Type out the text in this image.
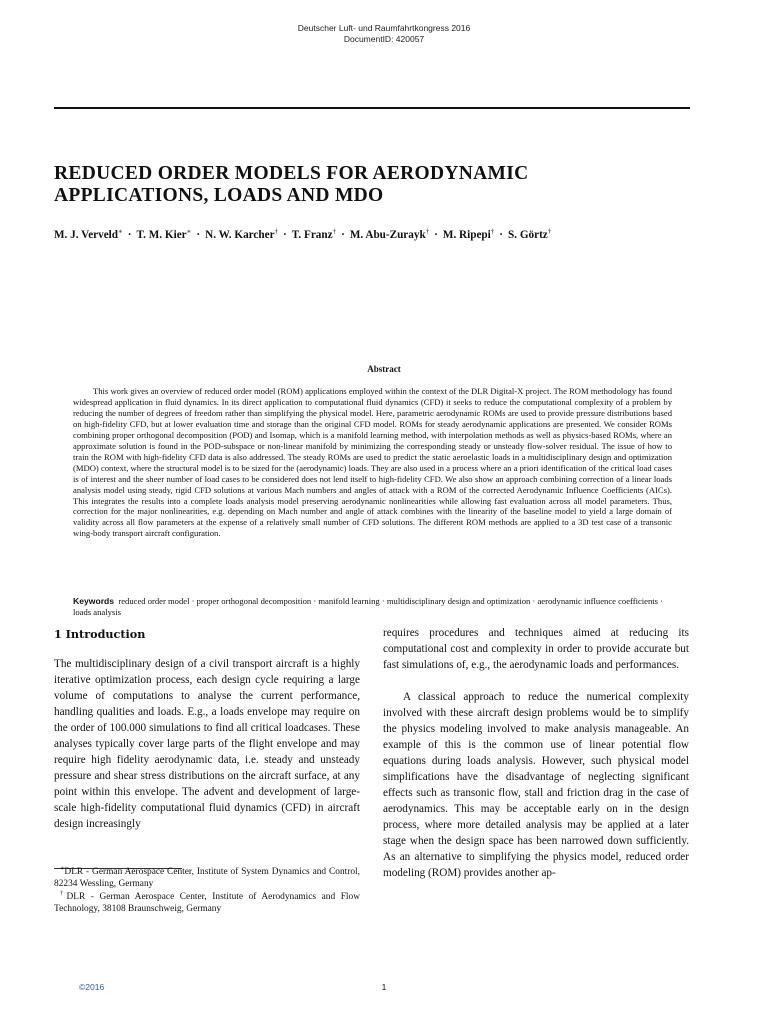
Deutscher Luft- und Raumfahrtkongress 2016
DocumentID: 420057
REDUCED ORDER MODELS FOR AERODYNAMIC
APPLICATIONS, LOADS AND MDO
M. J. Verveld∗ · T. M. Kier∗ · N. W. Karcher† · T. Franz† · M. Abu-Zurayk† · M. Ripepi† · S. Görtz†
Abstract

This work gives an overview of reduced order model (ROM) applications employed within the context of the DLR Digital-X project. The ROM methodology has found widespread application in fluid dynamics. In its direct application to computational fluid dynamics (CFD) it seeks to reduce the computational complexity of a problem by reducing the number of degrees of freedom rather than simplifying the physical model. Here, parametric aerodynamic ROMs are used to provide pressure distributions based on high-fidelity CFD, but at lower evaluation time and storage than the original CFD model. ROMs for steady aerodynamic applications are presented. We consider ROMs combining proper orthogonal decomposition (POD) and Isomap, which is a manifold learning method, with interpolation methods as well as physics-based ROMs, where an approximate solution is found in the POD-subspace or non-linear manifold by minimizing the corresponding steady or unsteady flow-solver residual. The issue of how to train the ROM with high-fidelity CFD data is also addressed. The steady ROMs are used to predict the static aeroelastic loads in a multidisciplinary design and optimization (MDO) context, where the structural model is to be sized for the (aerodynamic) loads. They are also used in a process where an a priori identification of the critical load cases is of interest and the sheer number of load cases to be considered does not lend itself to high-fidelity CFD. We also show an approach combining correction of a linear loads analysis model using steady, rigid CFD solutions at various Mach numbers and angles of attack with a ROM of the corrected Aerodynamic Influence Coefficients (AICs). This integrates the results into a complete loads analysis model preserving aerodynamic nonlinearities while allowing fast evaluation across all model parameters. Thus, correction for the major nonlinearities, e.g. depending on Mach number and angle of attack combines with the linearity of the baseline model to yield a large domain of validity across all flow parameters at the expense of a relatively small number of CFD solutions. The different ROM methods are applied to a 3D test case of a transonic wing-body transport aircraft configuration.

Keywords reduced order model · proper orthogonal decomposition · manifold learning · multidisciplinary design and optimization · aerodynamic influence coefficients · loads analysis

1 Introduction

The multidisciplinary design of a civil transport aircraft is a highly iterative optimization process, each design cycle requiring a large volume of computations to analyse the current performance, handling qualities and loads. E.g., a loads envelope may require on the order of 100.000 simulations to find all critical loadcases. These analyses typically cover large parts of the flight envelope and may require high fidelity aerodynamic data, i.e. steady and unsteady pressure and shear stress distributions on the aircraft surface, at any point within this envelope. The advent and development of large-scale high-fidelity computational fluid dynamics (CFD) in aircraft design increasingly

requires procedures and techniques aimed at reducing its computational cost and complexity in order to provide accurate but fast simulations of, e.g., the aerodynamic loads and performances.

A classical approach to reduce the numerical complexity involved with these aircraft design problems would be to simplify the physics modeling involved to make analysis manageable. An example of this is the common use of linear potential flow equations during loads analysis. However, such physical model simplifications have the disadvantage of neglecting significant effects such as transonic flow, stall and friction drag in the case of aerodynamics. This may be acceptable early on in the design process, where more detailed analysis may be applied at a later stage when the design space has been narrowed down sufficiently. As an alternative to simplifying the physics model, reduced order modeling (ROM) provides another ap-

∗DLR - German Aerospace Center, Institute of System Dynamics and Control, 82234 Wessling, Germany

†DLR - German Aerospace Center, Institute of Aerodynamics and Flow Technology, 38108 Braunschweig, Germany

©2016	1
